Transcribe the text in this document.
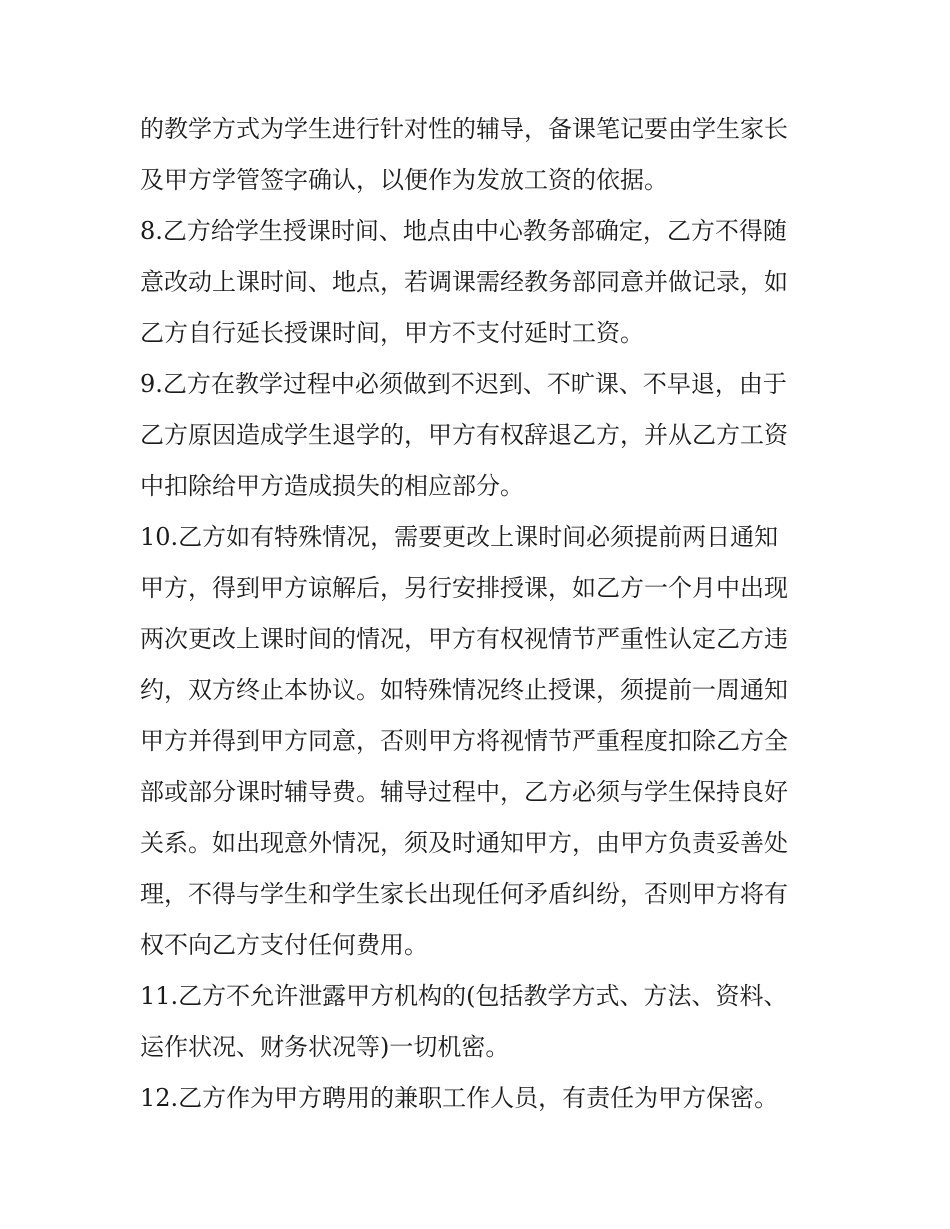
的教学方式为学生进行针对性的辅导，备课笔记要由学生家长
及甲方学管签字确认，以便作为发放工资的依据。
8.乙方给学生授课时间、地点由中心教务部确定，乙方不得随
意改动上课时间、地点，若调课需经教务部同意并做记录，如
乙方自行延长授课时间，甲方不支付延时工资。
9.乙方在教学过程中必须做到不迟到、不旷课、不早退，由于
乙方原因造成学生退学的，甲方有权辞退乙方，并从乙方工资
中扣除给甲方造成损失的相应部分。
10.乙方如有特殊情况，需要更改上课时间必须提前两日通知
甲方，得到甲方谅解后，另行安排授课，如乙方一个月中出现
两次更改上课时间的情况，甲方有权视情节严重性认定乙方违
约，双方终止本协议。如特殊情况终止授课，须提前一周通知
甲方并得到甲方同意，否则甲方将视情节严重程度扣除乙方全
部或部分课时辅导费。辅导过程中，乙方必须与学生保持良好
关系。如出现意外情况，须及时通知甲方，由甲方负责妥善处
理，不得与学生和学生家长出现任何矛盾纠纷，否则甲方将有
权不向乙方支付任何费用。
11.乙方不允许泄露甲方机构的(包括教学方式、方法、资料、
运作状况、财务状况等)一切机密。
12.乙方作为甲方聘用的兼职工作人员，有责任为甲方保密。
